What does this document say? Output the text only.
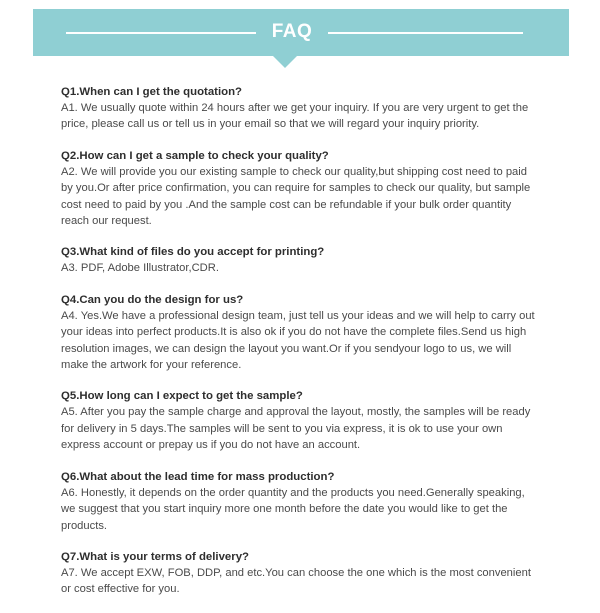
FAQ
Q1.When can I get the quotation?
A1. We usually quote within 24 hours after we get your inquiry. If you are very urgent to get the price, please call us or tell us in your email so that we will regard your inquiry priority.
Q2.How can I get a sample to check your quality?
A2. We will provide you our existing sample to check our quality,but shipping cost need to paid by you.Or after price confirmation, you can require for samples to check our quality, but sample cost need to paid by you .And the sample cost can be refundable if your bulk order quantity reach our request.
Q3.What kind of files do you accept for printing?
A3. PDF, Adobe Illustrator,CDR.
Q4.Can you do the design for us?
A4. Yes.We have a professional design team, just tell us your ideas and we will help to carry out your ideas into perfect products.It is also ok if you do not have the complete files.Send us high resolution images, we can design the layout you want.Or if you sendyour logo to us, we will make the artwork for your reference.
Q5.How long can I expect to get the sample?
A5. After you pay the sample charge and approval the layout, mostly, the samples will be ready for delivery in 5 days.The samples will be sent to you via express, it is ok to use your own express account or prepay us if you do not have an account.
Q6.What about the lead time for mass production?
A6. Honestly, it depends on the order quantity and the products you need.Generally speaking, we suggest that you start inquiry more one month before the date you would like to get the products.
Q7.What is your terms of delivery?
A7. We accept EXW, FOB, DDP, and etc.You can choose the one which is the most convenient or cost effective for you.
